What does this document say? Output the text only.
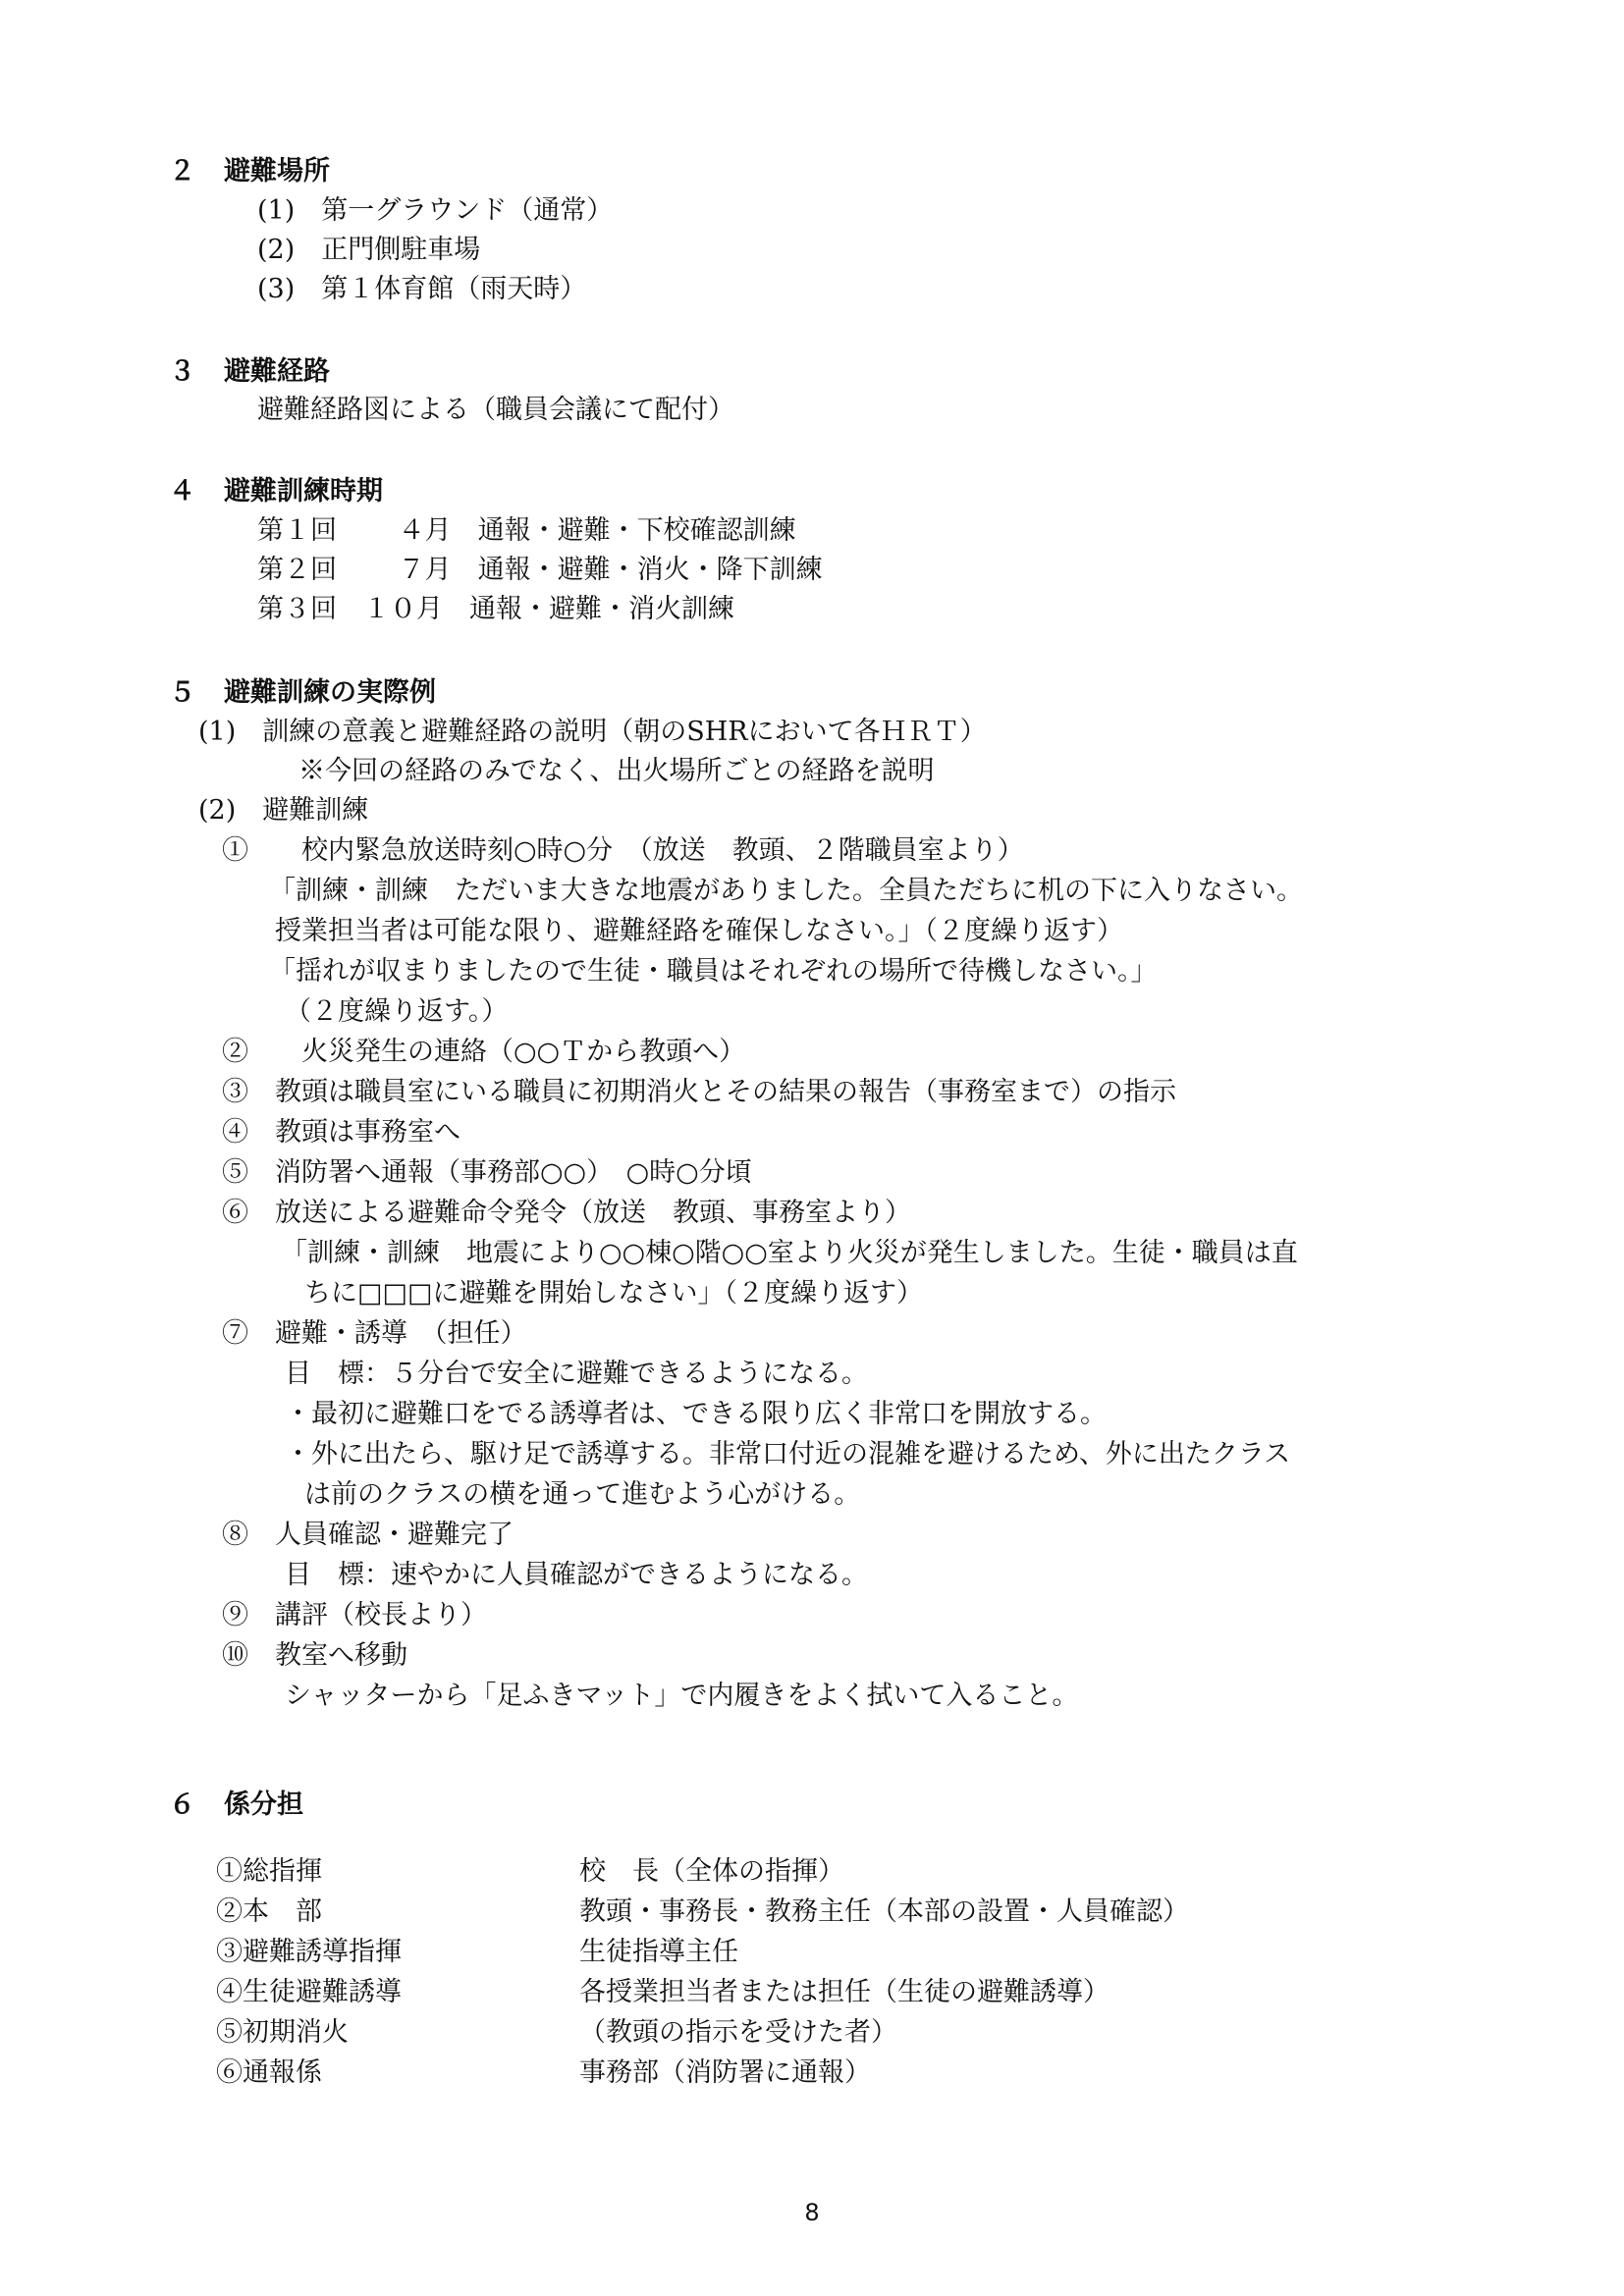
２ 避難場所
(1)　第一グラウンド（通常）
(2)　正門側駐車場
(3)　第１体育館（雨天時）
３ 避難経路
避難経路図による（職員会議にて配付）
４ 避難訓練時期
第１回　　 ４月　通報・避難・下校確認訓練
第２回　　 ７月　通報・避難・消火・降下訓練
第３回　１０月　通報・避難・消火訓練
５ 避難訓練の実際例
(1)　訓練の意義と避難経路の説明（朝のSHRにおいて各ＨＲＴ）
※今回の経路のみでなく、出火場所ごとの経路を説明
(2)　避難訓練
①　　校内緊急放送時刻○時○分　（放送　教頭、２階職員室より）
「訓練・訓練　ただいま大きな地震がありました。全員ただちに机の下に入りなさい。
授業担当者は可能な限り、避難経路を確保しなさい。」（２度繰り返す）
「揺れが収まりましたので生徒・職員はそれぞれの場所で待機しなさい。」
（２度繰り返す。）
②　　火災発生の連絡（○○Ｔから教頭へ）
③　教頭は職員室にいる職員に初期消火とその結果の報告（事務室まで）の指示
④　教頭は事務室へ
⑤　消防署へ通報（事務部○○）　○時○分頃
⑥　放送による避難命令発令（放送　教頭、事務室より）
「訓練・訓練　地震により○○棟○階○○室より火災が発生しました。生徒・職員は直
ちに□□□に避難を開始しなさい」（２度繰り返す）
⑦　避難・誘導　（担任）
目　標：５分台で安全に避難できるようになる。
・最初に避難口をでる誘導者は、できる限り広く非常口を開放する。
・外に出たら、駆け足で誘導する。非常口付近の混雑を避けるため、外に出たクラス
は前のクラスの横を通って進むよう心がける。
⑧　人員確認・避難完了
目　標：速やかに人員確認ができるようになる。
⑨　講評（校長より）
⑩　教室へ移動
シャッターから「足ふきマット」で内履きをよく拭いて入ること。
６ 係分担
①総指揮	校　長（全体の指揮）
②本　部	教頭・事務長・教務主任（本部の設置・人員確認）
③避難誘導指揮	生徒指導主任
④生徒避難誘導	各授業担当者または担任（生徒の避難誘導）
⑤初期消火	（教頭の指示を受けた者）
⑥通報係	事務部（消防署に通報）
8
